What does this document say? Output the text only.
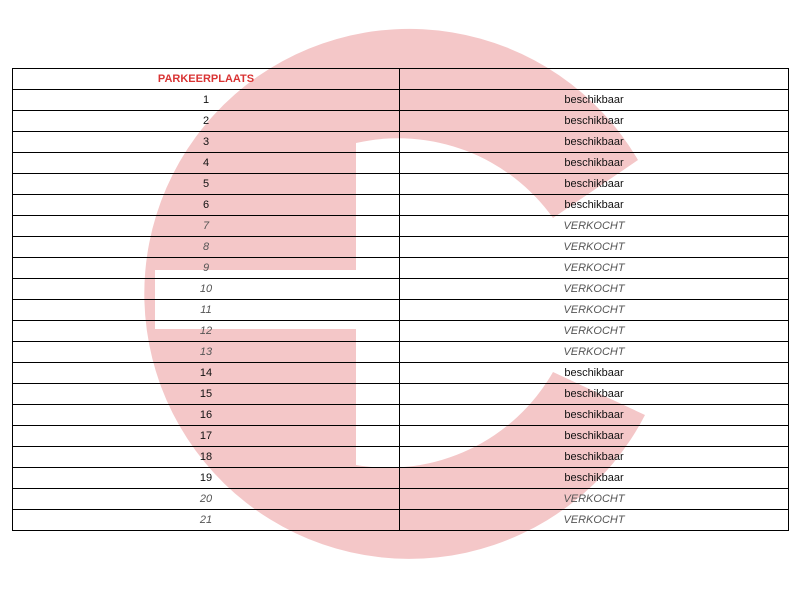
PARKEERPLAATS	
1	beschikbaar
2	beschikbaar
3	beschikbaar
4	beschikbaar
5	beschikbaar
6	beschikbaar
7	VERKOCHT
8	VERKOCHT
9	VERKOCHT
10	VERKOCHT
11	VERKOCHT
12	VERKOCHT
13	VERKOCHT
14	beschikbaar
15	beschikbaar
16	beschikbaar
17	beschikbaar
18	beschikbaar
19	beschikbaar
20	VERKOCHT
21	VERKOCHT
